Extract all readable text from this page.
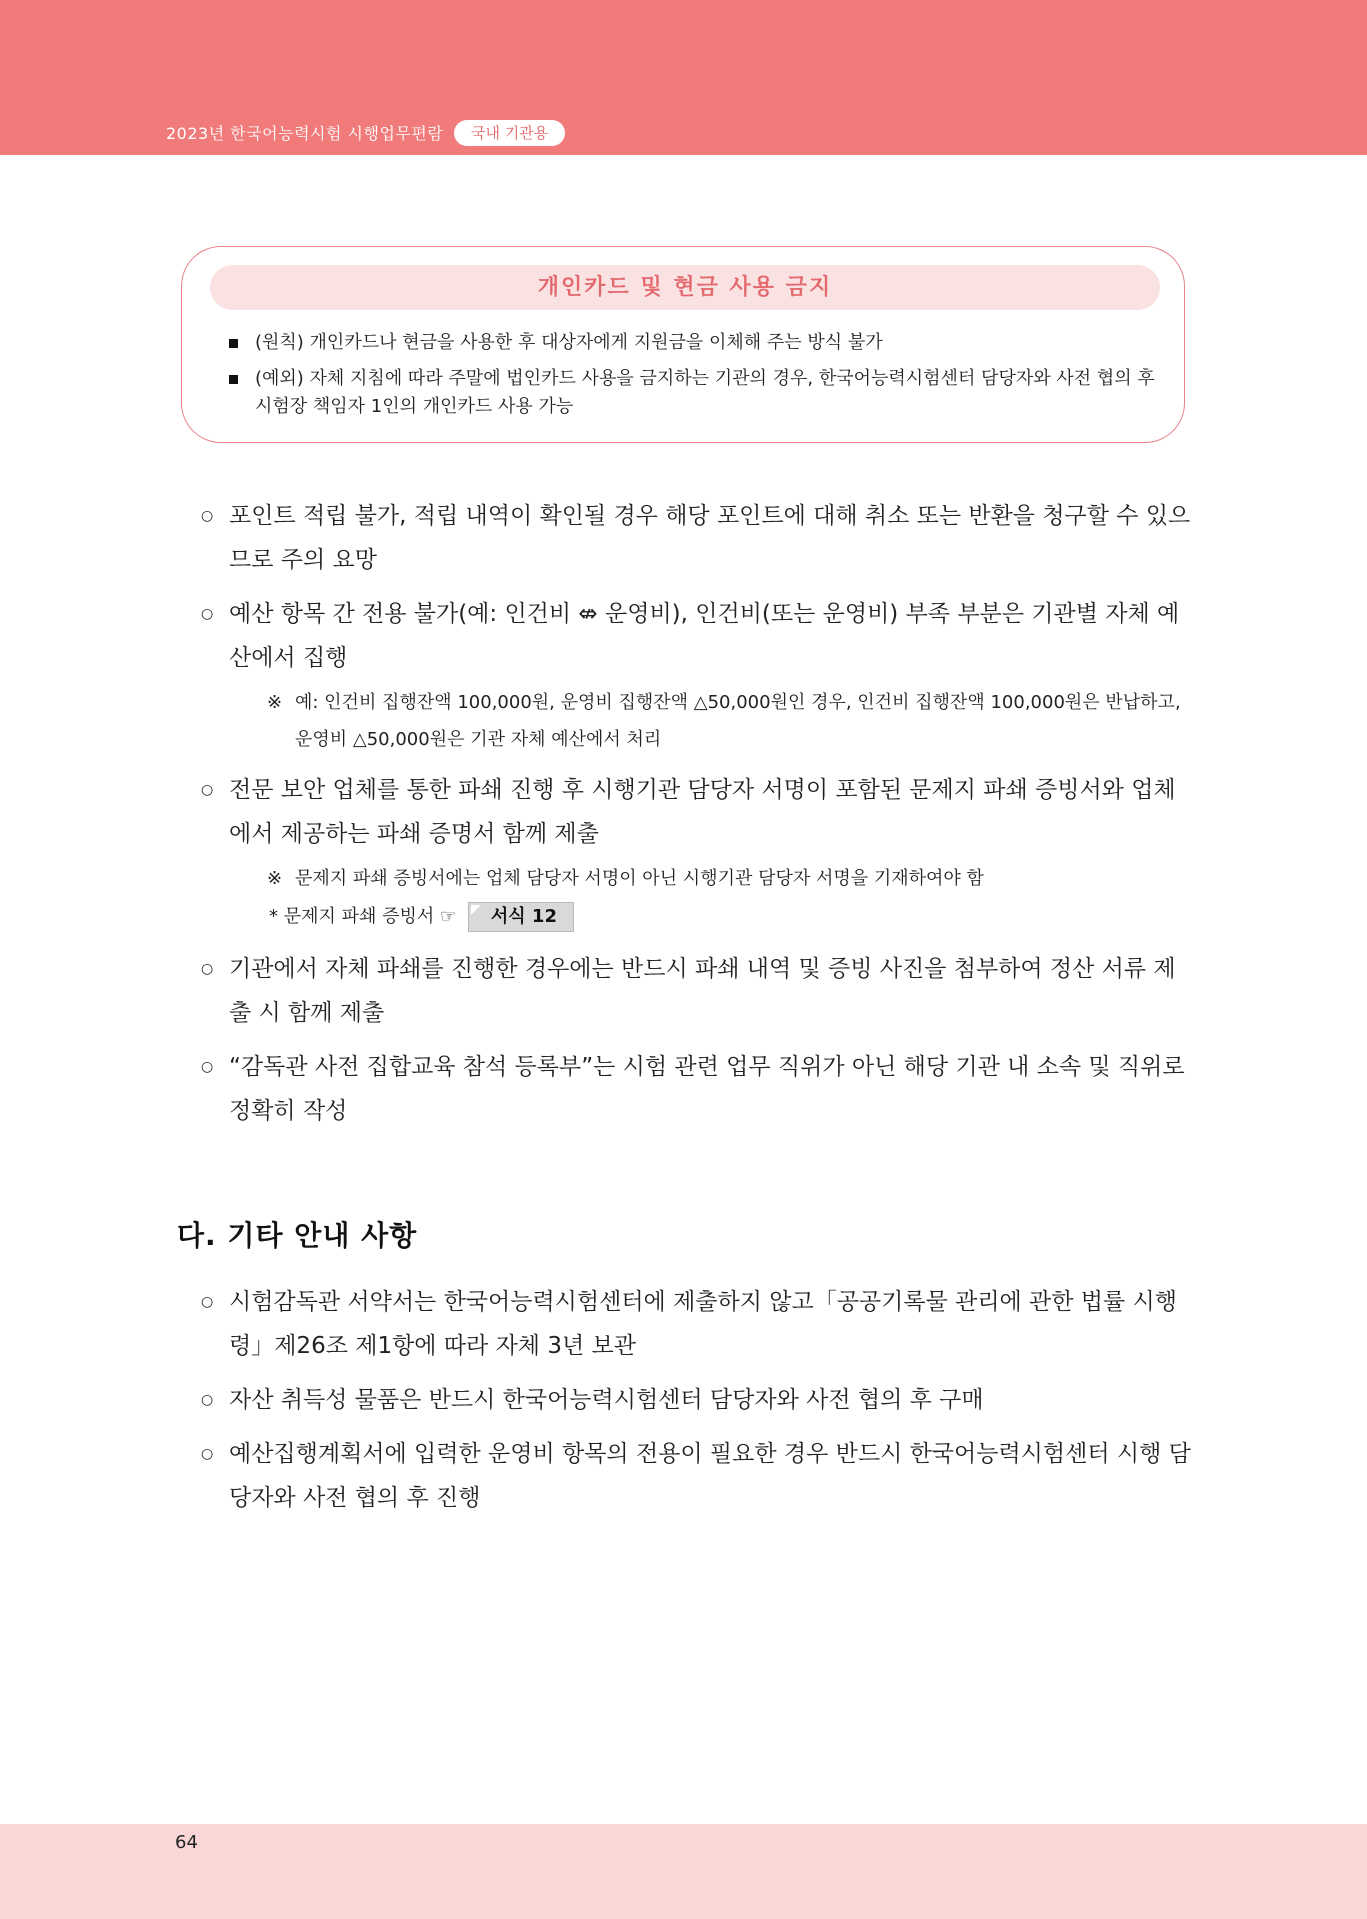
2023년 한국어능력시험 시행업무편람	국내 기관용
개인카드 및 현금 사용 금지
(원칙) 개인카드나 현금을 사용한 후 대상자에게 지원금을 이체해 주는 방식 불가
(예외) 자체 지침에 따라 주말에 법인카드 사용을 금지하는 기관의 경우, 한국어능력시험센터 담당자와 사전 협의 후 시험장 책임자 1인의 개인카드 사용 가능
○ 포인트 적립 불가, 적립 내역이 확인될 경우 해당 포인트에 대해 취소 또는 반환을 청구할 수 있으므로 주의 요망
○ 예산 항목 간 전용 불가(예: 인건비 ⇎ 운영비), 인건비(또는 운영비) 부족 부분은 기관별 자체 예산에서 집행
※ 예: 인건비 집행잔액 100,000원, 운영비 집행잔액 △50,000원인 경우, 인건비 집행잔액 100,000원은 반납하고, 운영비 △50,000원은 기관 자체 예산에서 처리
○ 전문 보안 업체를 통한 파쇄 진행 후 시행기관 담당자 서명이 포함된 문제지 파쇄 증빙서와 업체에서 제공하는 파쇄 증명서 함께 제출
※ 문제지 파쇄 증빙서에는 업체 담당자 서명이 아닌 시행기관 담당자 서명을 기재하여야 함
* 문제지 파쇄 증빙서 ☞ 서식 12
○ 기관에서 자체 파쇄를 진행한 경우에는 반드시 파쇄 내역 및 증빙 사진을 첨부하여 정산 서류 제출 시 함께 제출
○ “감독관 사전 집합교육 참석 등록부”는 시험 관련 업무 직위가 아닌 해당 기관 내 소속 및 직위로 정확히 작성
다. 기타 안내 사항
○ 시험감독관 서약서는 한국어능력시험센터에 제출하지 않고「공공기록물 관리에 관한 법률 시행령」제26조 제1항에 따라 자체 3년 보관
○ 자산 취득성 물품은 반드시 한국어능력시험센터 담당자와 사전 협의 후 구매
○ 예산집행계획서에 입력한 운영비 항목의 전용이 필요한 경우 반드시 한국어능력시험센터 시행 담당자와 사전 협의 후 진행
64
